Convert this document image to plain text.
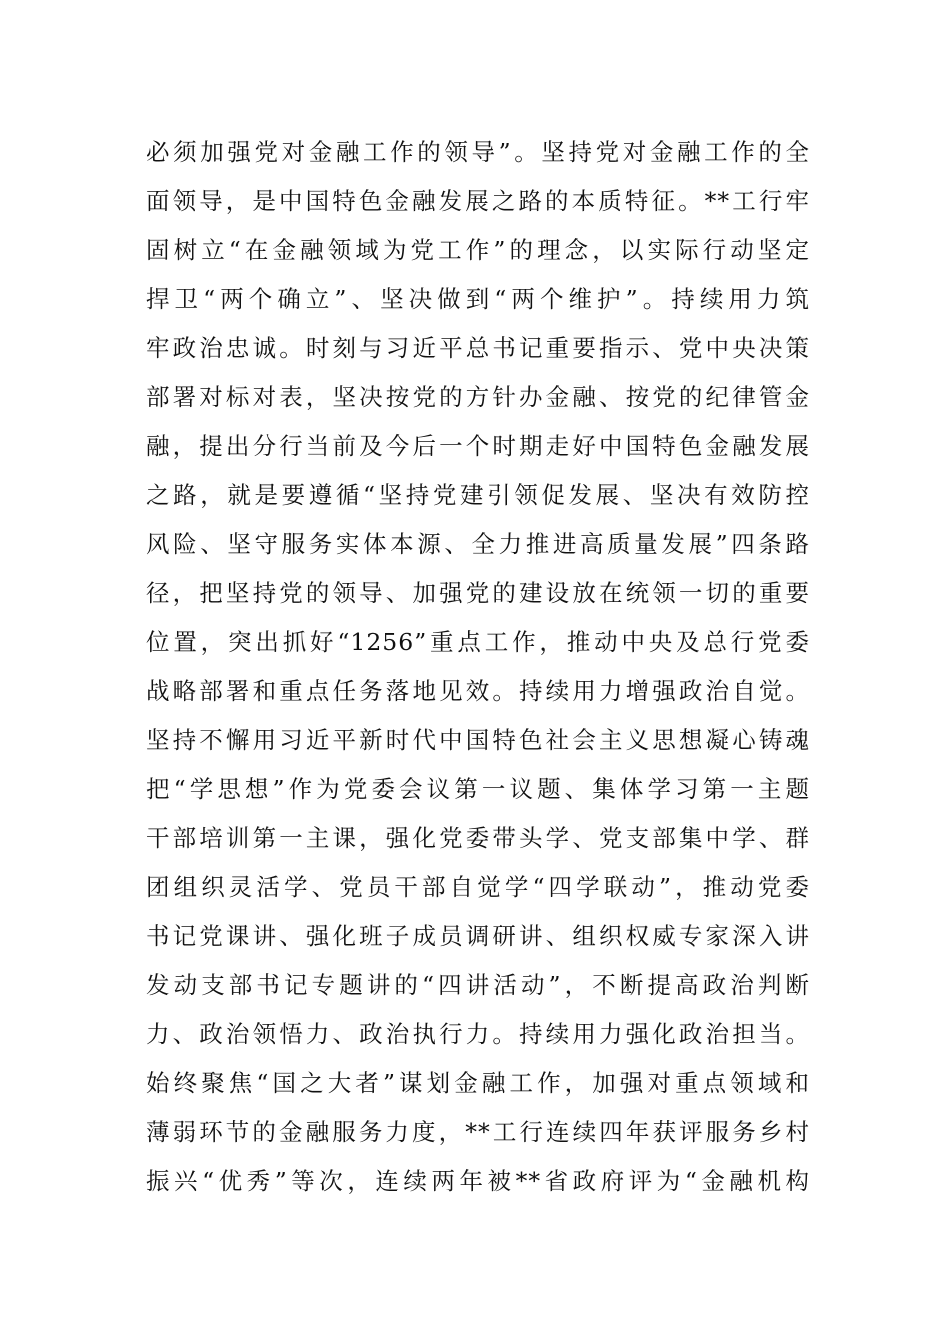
必须加强党对金融工作的领导”。坚持党对金融工作的全
面领导，是中国特色金融发展之路的本质特征。**工行牢
固树立“在金融领域为党工作”的理念，以实际行动坚定
捍卫“两个确立”、坚决做到“两个维护”。持续用力筑
牢政治忠诚。时刻与习近平总书记重要指示、党中央决策
部署对标对表，坚决按党的方针办金融、按党的纪律管金
融，提出分行当前及今后一个时期走好中国特色金融发展
之路，就是要遵循“坚持党建引领促发展、坚决有效防控
风险、坚守服务实体本源、全力推进高质量发展”四条路
径，把坚持党的领导、加强党的建设放在统领一切的重要
位置，突出抓好“1256”重点工作，推动中央及总行党委
战略部署和重点任务落地见效。持续用力增强政治自觉。
坚持不懈用习近平新时代中国特色社会主义思想凝心铸魂
把“学思想”作为党委会议第一议题、集体学习第一主题
干部培训第一主课，强化党委带头学、党支部集中学、群
团组织灵活学、党员干部自觉学“四学联动”，推动党委
书记党课讲、强化班子成员调研讲、组织权威专家深入讲
发动支部书记专题讲的“四讲活动”，不断提高政治判断
力、政治领悟力、政治执行力。持续用力强化政治担当。
始终聚焦“国之大者”谋划金融工作，加强对重点领域和
薄弱环节的金融服务力度，**工行连续四年获评服务乡村
振兴“优秀”等次，连续两年被**省政府评为“金融机构
